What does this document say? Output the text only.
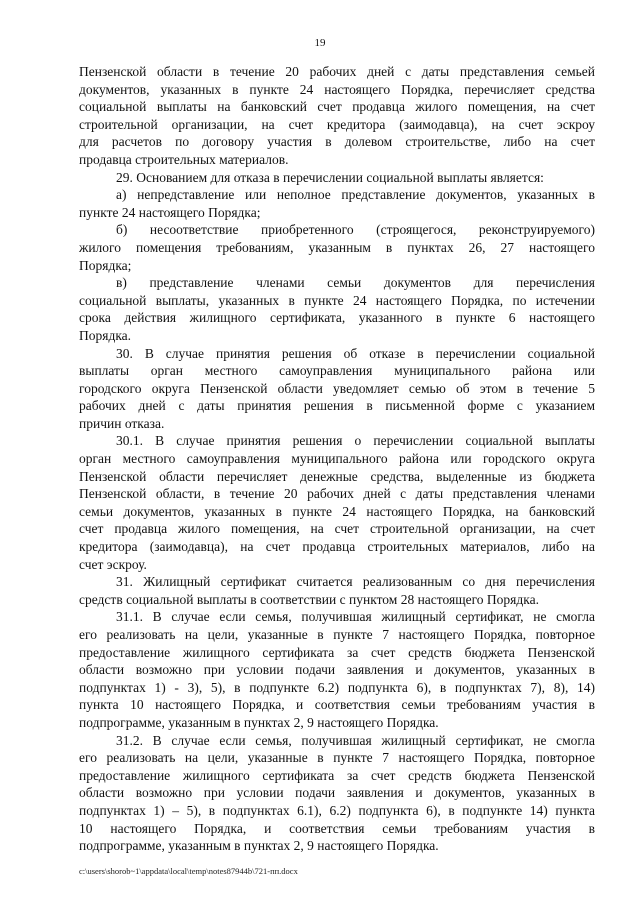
19
Пензенской области в течение 20 рабочих дней с даты представления семьей
документов, указанных в пункте 24 настоящего Порядка, перечисляет средства
социальной выплаты на банковский счет продавца жилого помещения, на счет
строительной организации, на счет кредитора (заимодавца), на счет эскроу
для расчетов по договору участия в долевом строительстве, либо на счет
продавца строительных материалов.
29. Основанием для отказа в перечислении социальной выплаты является:
а) непредставление или неполное представление документов, указанных в
пункте 24 настоящего Порядка;
б) несоответствие приобретенного (строящегося, реконструируемого)
жилого помещения требованиям, указанным в пунктах 26, 27 настоящего
Порядка;
в) представление членами семьи документов для перечисления
социальной выплаты, указанных в пункте 24 настоящего Порядка, по истечении
срока действия жилищного сертификата, указанного в пункте 6 настоящего
Порядка.
30. В случае принятия решения об отказе в перечислении социальной
выплаты орган местного самоуправления муниципального района или
городского округа Пензенской области уведомляет семью об этом в течение 5
рабочих дней с даты принятия решения в письменной форме с указанием
причин отказа.
30.1. В случае принятия решения о перечислении социальной выплаты
орган местного самоуправления муниципального района или городского округа
Пензенской области перечисляет денежные средства, выделенные из бюджета
Пензенской области, в течение 20 рабочих дней с даты представления членами
семьи документов, указанных в пункте 24 настоящего Порядка, на банковский
счет продавца жилого помещения, на счет строительной организации, на счет
кредитора (заимодавца), на счет продавца строительных материалов, либо на
счет эскроу.
31. Жилищный сертификат считается реализованным со дня перечисления
средств социальной выплаты в соответствии с пунктом 28 настоящего Порядка.
31.1. В случае если семья, получившая жилищный сертификат, не смогла
его реализовать на цели, указанные в пункте 7 настоящего Порядка, повторное
предоставление жилищного сертификата за счет средств бюджета Пензенской
области возможно при условии подачи заявления и документов, указанных в
подпунктах 1) - 3), 5), в подпункте 6.2) подпункта 6), в подпунктах 7), 8), 14)
пункта 10 настоящего Порядка, и соответствия семьи требованиям участия в
подпрограмме, указанным в пунктах 2, 9 настоящего Порядка.
31.2. В случае если семья, получившая жилищный сертификат, не смогла
его реализовать на цели, указанные в пункте 7 настоящего Порядка, повторное
предоставление жилищного сертификата за счет средств бюджета Пензенской
области возможно при условии подачи заявления и документов, указанных в
подпунктах 1) – 5), в подпунктах 6.1), 6.2) подпункта 6), в подпункте 14) пункта
10 настоящего Порядка, и соответствия семьи требованиям участия в
подпрограмме, указанным в пунктах 2, 9 настоящего Порядка.
c:\users\shorob~1\appdata\local\temp\notes87944b\721-пп.docx
